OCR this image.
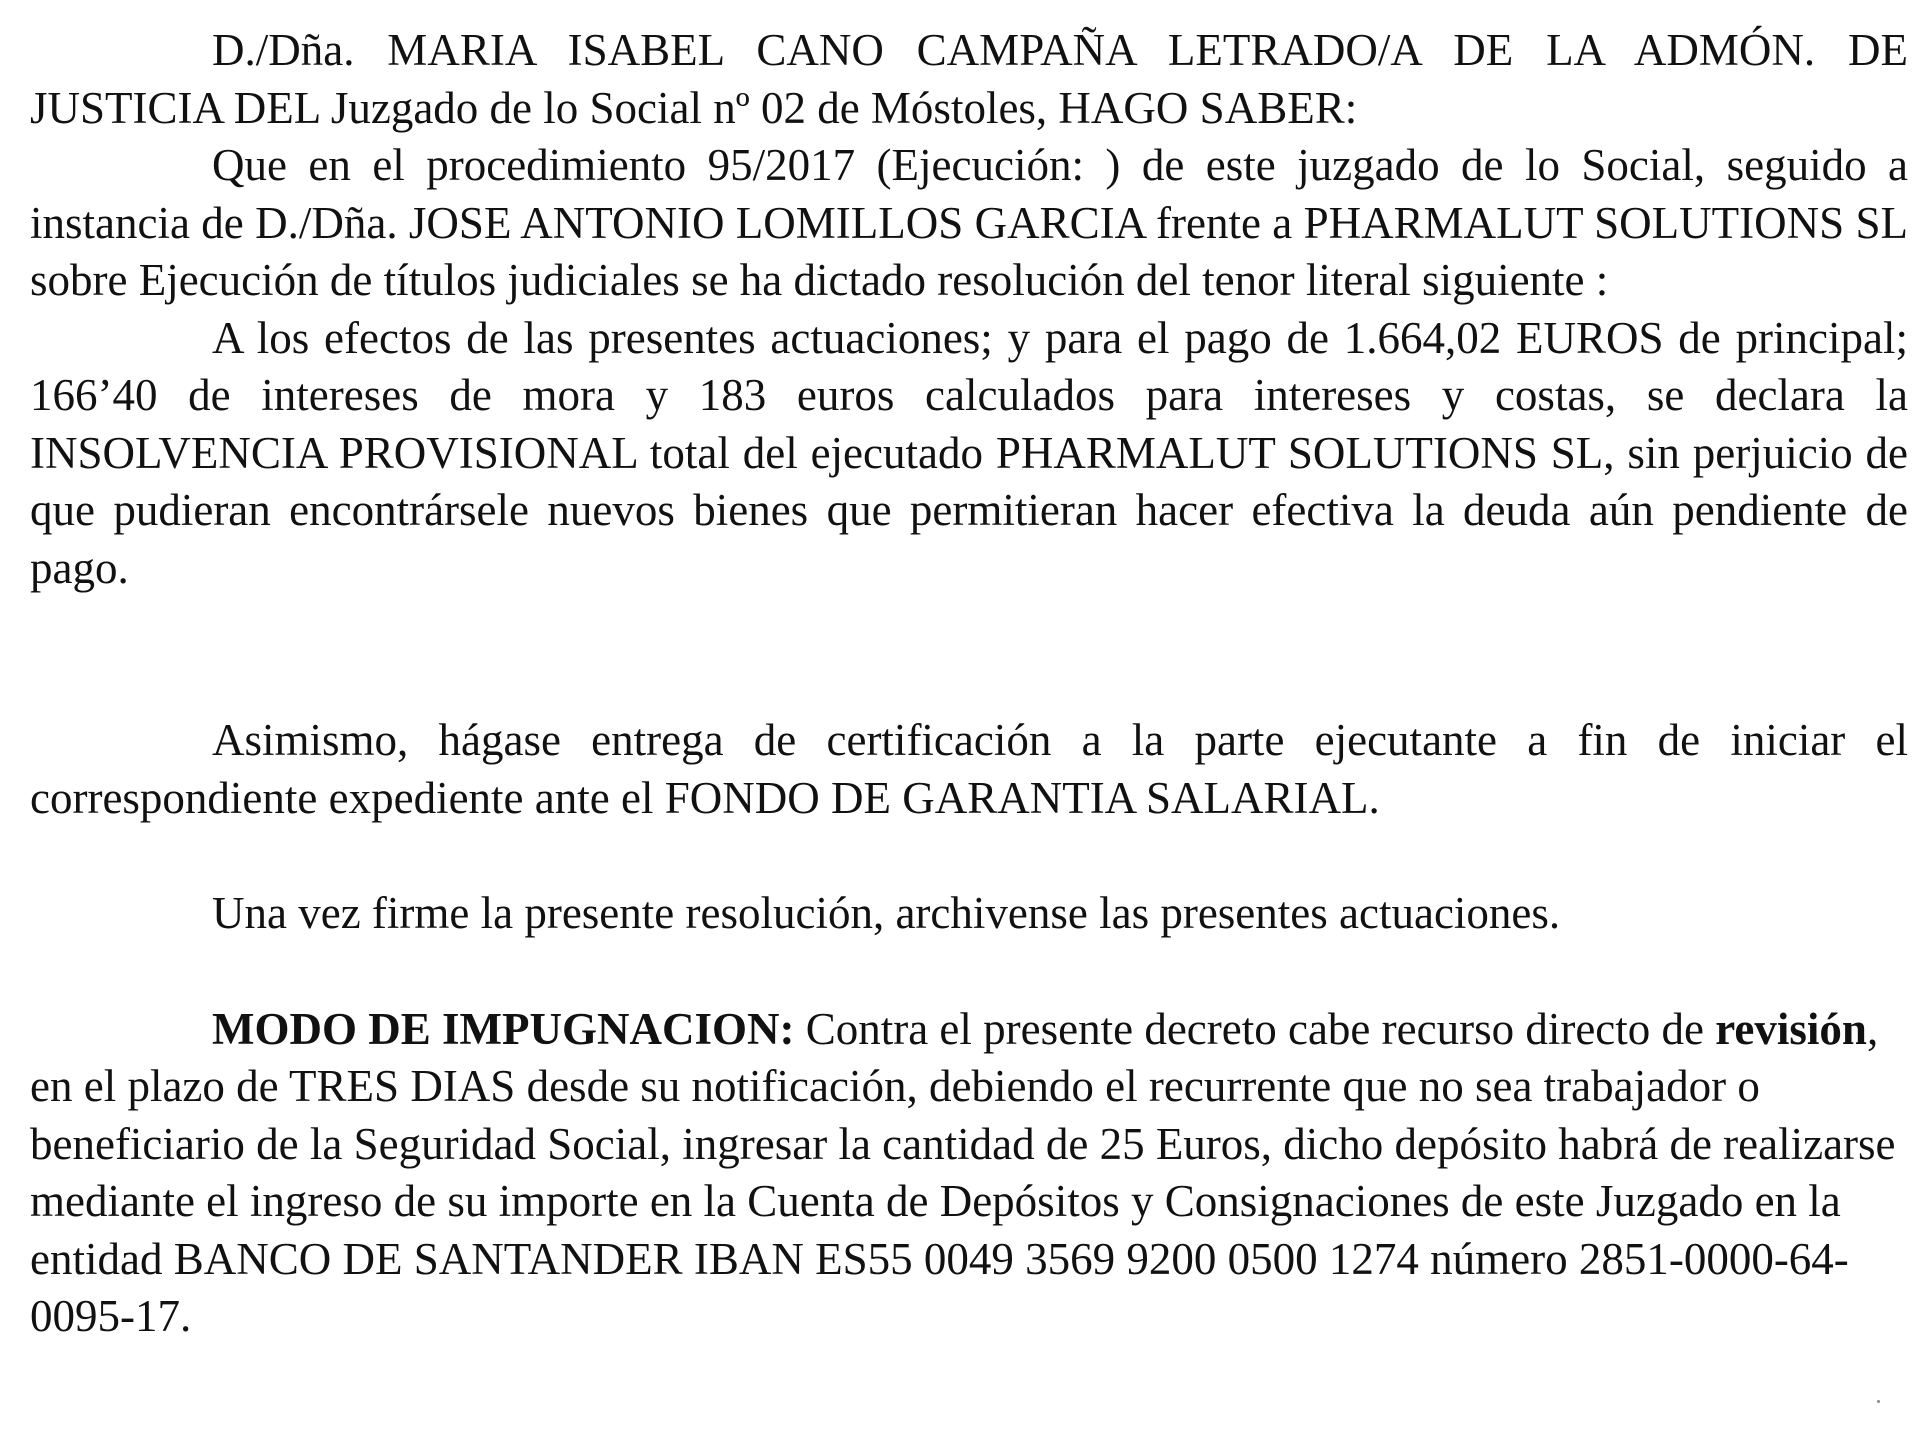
D./Dña. MARIA ISABEL CANO CAMPAÑA LETRADO/A DE LA ADMÓN. DE JUSTICIA DEL Juzgado de lo Social nº 02 de Móstoles, HAGO SABER:

Que en el procedimiento 95/2017 (Ejecución: ) de este juzgado de lo Social, seguido a instancia de D./Dña. JOSE ANTONIO LOMILLOS GARCIA frente a PHARMALUT SOLUTIONS SL sobre Ejecución de títulos judiciales se ha dictado resolución del tenor literal siguiente :

A los efectos de las presentes actuaciones; y para el pago de 1.664,02 EUROS de principal; 166’40 de intereses de mora y 183 euros calculados para intereses y costas, se declara la INSOLVENCIA PROVISIONAL total del ejecutado PHARMALUT SOLUTIONS SL, sin perjuicio de que pudieran encontrársele nuevos bienes que permitieran hacer efectiva la deuda aún pendiente de pago.

Asimismo, hágase entrega de certificación a la parte ejecutante a fin de iniciar el correspondiente expediente ante el FONDO DE GARANTIA SALARIAL.

Una vez firme la presente resolución, archivense las presentes actuaciones.

MODO DE IMPUGNACION: Contra el presente decreto cabe recurso directo de revisión, en el plazo de TRES DIAS desde su notificación, debiendo el recurrente que no sea trabajador o beneficiario de la Seguridad Social, ingresar la cantidad de 25 Euros, dicho depósito habrá de realizarse mediante el ingreso de su importe en la Cuenta de Depósitos y Consignaciones de este Juzgado en la entidad BANCO DE SANTANDER IBAN ES55 0049 3569 9200 0500 1274 número 2851-0000-64-0095-17.
